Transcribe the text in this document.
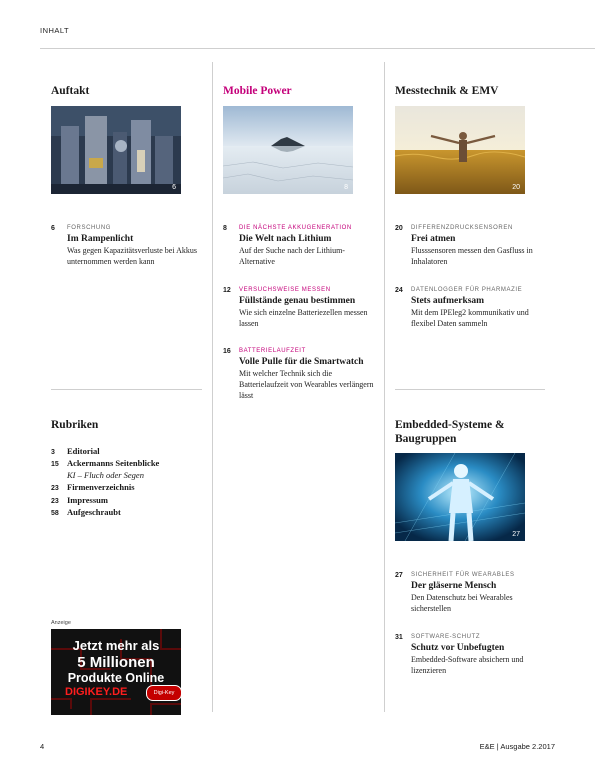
INHALT
Auftakt
6
6 FORSCHUNG
Im Rampenlicht
Was gegen Kapazitätsverluste bei Akkus unternommen werden kann
Mobile Power
8
8 DIE NÄCHSTE AKKUGENERATION
Die Welt nach Lithium
Auf der Suche nach der Lithium-Alternative
12 VERSUCHSWEISE MESSEN
Füllstände genau bestimmen
Wie sich einzelne Batteriezellen messen lassen
16 BATTERIELAUFZEIT
Volle Pulle für die Smartwatch
Mit welcher Technik sich die Batterielaufzeit von Wearables verlängern lässt
Messtechnik & EMV
20
20 DIFFERENZDRUCKSENSOREN
Frei atmen
Flusssensoren messen den Gasfluss in Inhalatoren
24 DATENLOGGER FÜR PHARMAZIE
Stets aufmerksam
Mit dem IPEleg2 kommunikativ und flexibel Daten sammeln
Rubriken
3 Editorial
15 Ackermanns Seitenblicke
KI – Fluch oder Segen
23 Firmenverzeichnis
23 Impressum
58 Aufgeschraubt
Anzeige
Jetzt mehr als
5 Millionen
Produkte Online
DIGIKEY.DE	Digi-Key
Embedded-Systeme &
Baugruppen
27
27 SICHERHEIT FÜR WEARABLES
Der gläserne Mensch
Den Datenschutz bei Wearables sicherstellen
31 SOFTWARE-SCHUTZ
Schutz vor Unbefugten
Embedded-Software absichern und lizenzieren
4	E&E | Ausgabe 2.2017
